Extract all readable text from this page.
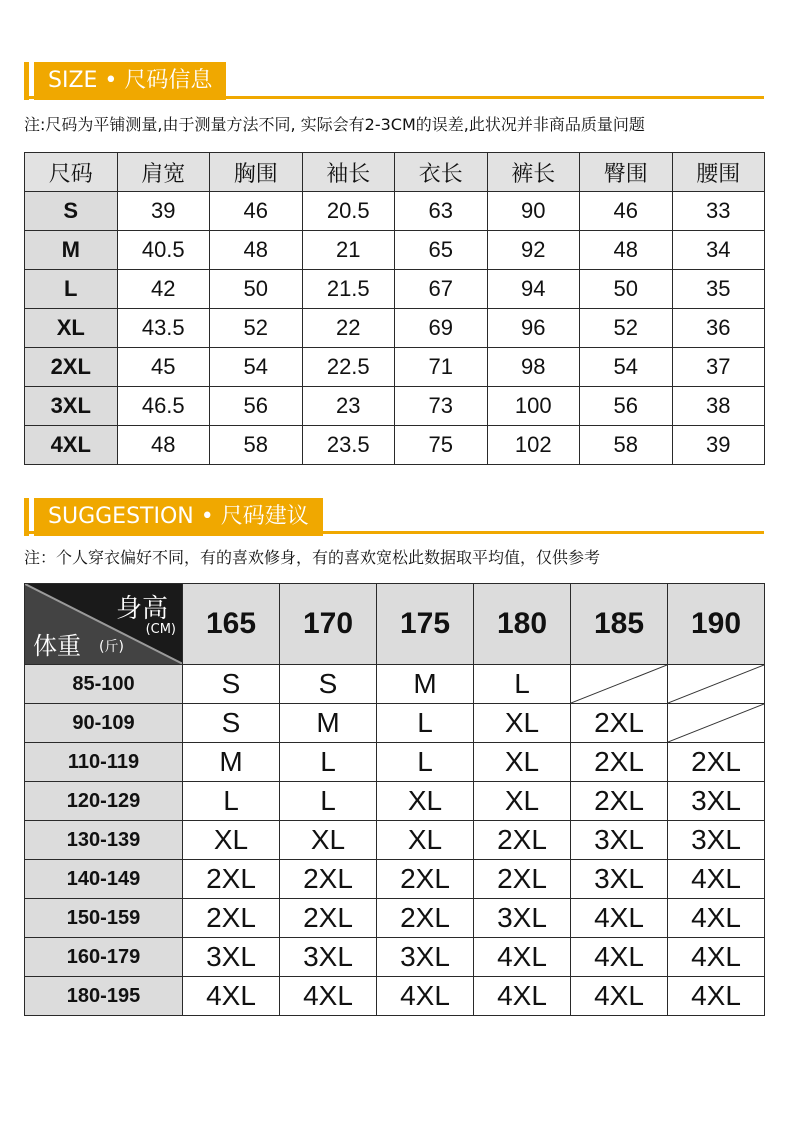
SIZE • 尺码信息
注:尺码为平铺测量,由于测量方法不同, 实际会有2-3CM的误差,此状况并非商品质量问题
尺码	肩宽	胸围	袖长	衣长	裤长	臀围	腰围
S	39	46	20.5	63	90	46	33
M	40.5	48	21	65	92	48	34
L	42	50	21.5	67	94	50	35
XL	43.5	52	22	69	96	52	36
2XL	45	54	22.5	71	98	54	37
3XL	46.5	56	23	73	100	56	38
4XL	48	58	23.5	75	102	58	39
SUGGESTION • 尺码建议
注：个人穿衣偏好不同，有的喜欢修身，有的喜欢宽松此数据取平均值，仅供参考
身高
(CM)
体重 (斤)	165	170	175	180	185	190
85-100	S	S	M	L	

90-109	S	M	L	XL	2XL	

110-119	M	L	L	XL	2XL	2XL
120-129	L	L	XL	XL	2XL	3XL
130-139	XL	XL	XL	2XL	3XL	3XL
140-149	2XL	2XL	2XL	2XL	3XL	4XL
150-159	2XL	2XL	2XL	3XL	4XL	4XL
160-179	3XL	3XL	3XL	4XL	4XL	4XL
180-195	4XL	4XL	4XL	4XL	4XL	4XL
